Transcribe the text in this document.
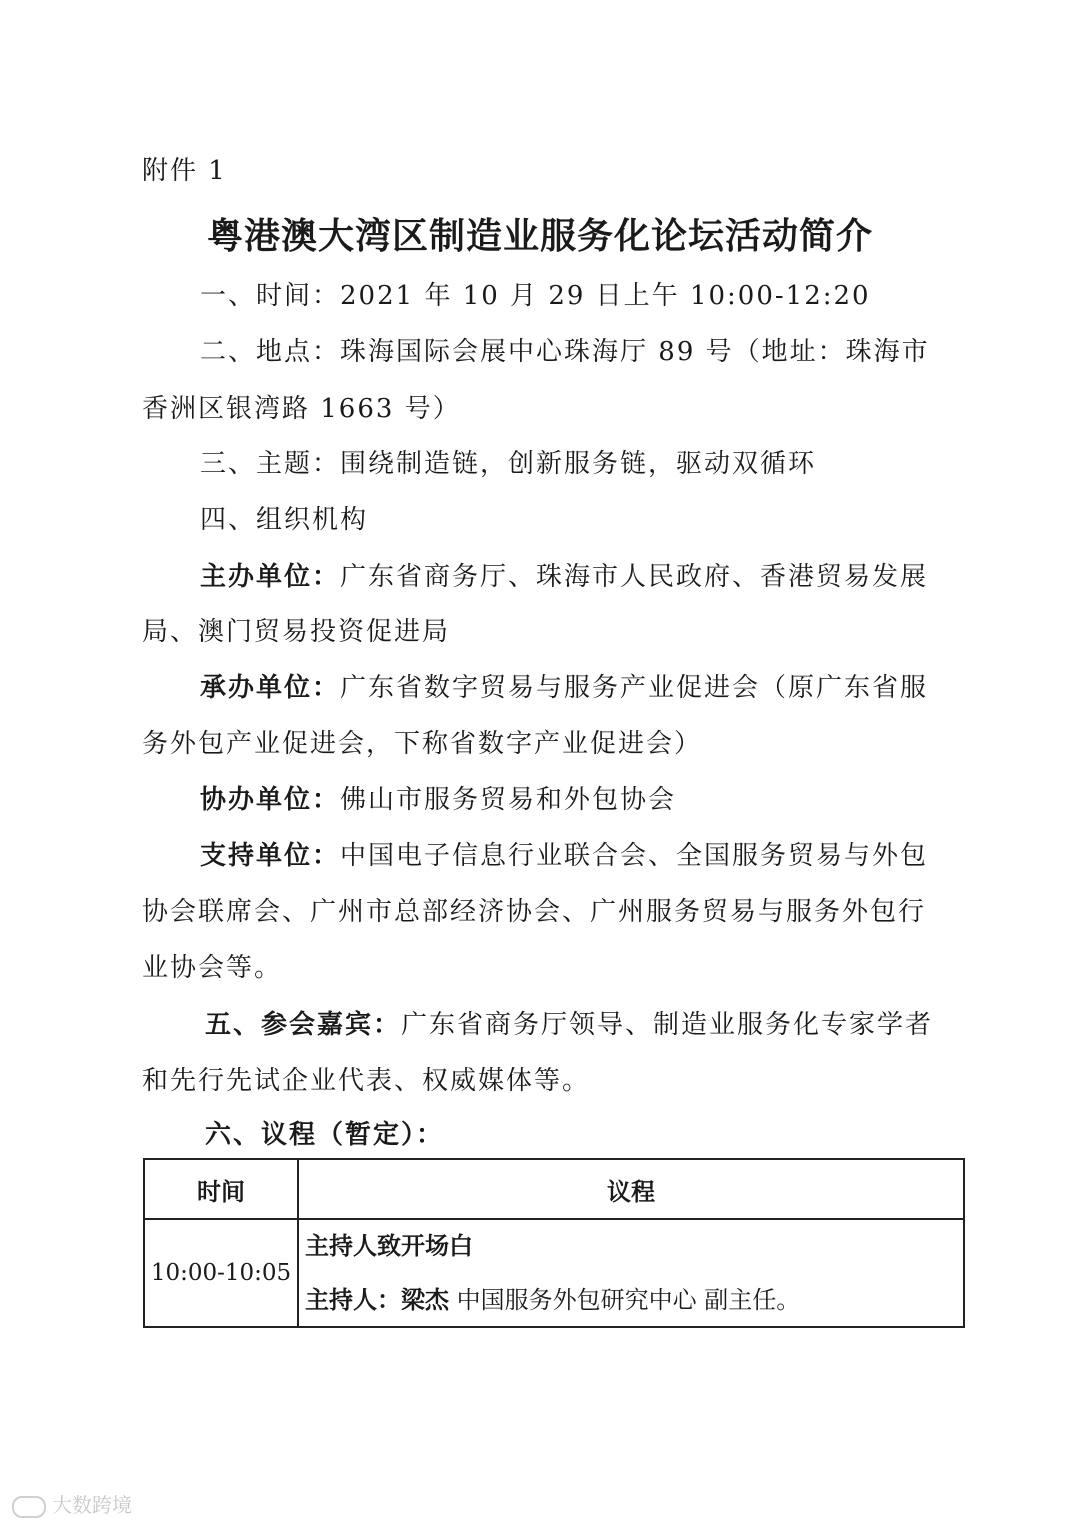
附件 1
粤港澳大湾区制造业服务化论坛活动简介
一、时间：2021 年 10 月 29 日上午 10:00-12:20
二、地点：珠海国际会展中心珠海厅 89 号（地址：珠海市
香洲区银湾路 1663 号）
三、主题：围绕制造链，创新服务链，驱动双循环
四、组织机构
主办单位：广东省商务厅、珠海市人民政府、香港贸易发展
局、澳门贸易投资促进局
承办单位：广东省数字贸易与服务产业促进会（原广东省服
务外包产业促进会，下称省数字产业促进会）
协办单位：佛山市服务贸易和外包协会
支持单位：中国电子信息行业联合会、全国服务贸易与外包
协会联席会、广州市总部经济协会、广州服务贸易与服务外包行
业协会等。
五、参会嘉宾：广东省商务厅领导、制造业服务化专家学者
和先行先试企业代表、权威媒体等。
六、议程（暂定）：
时间	议程
10:00-10:05	主持人致开场白
主持人：梁杰 中国服务外包研究中心 副主任。
大数跨境
